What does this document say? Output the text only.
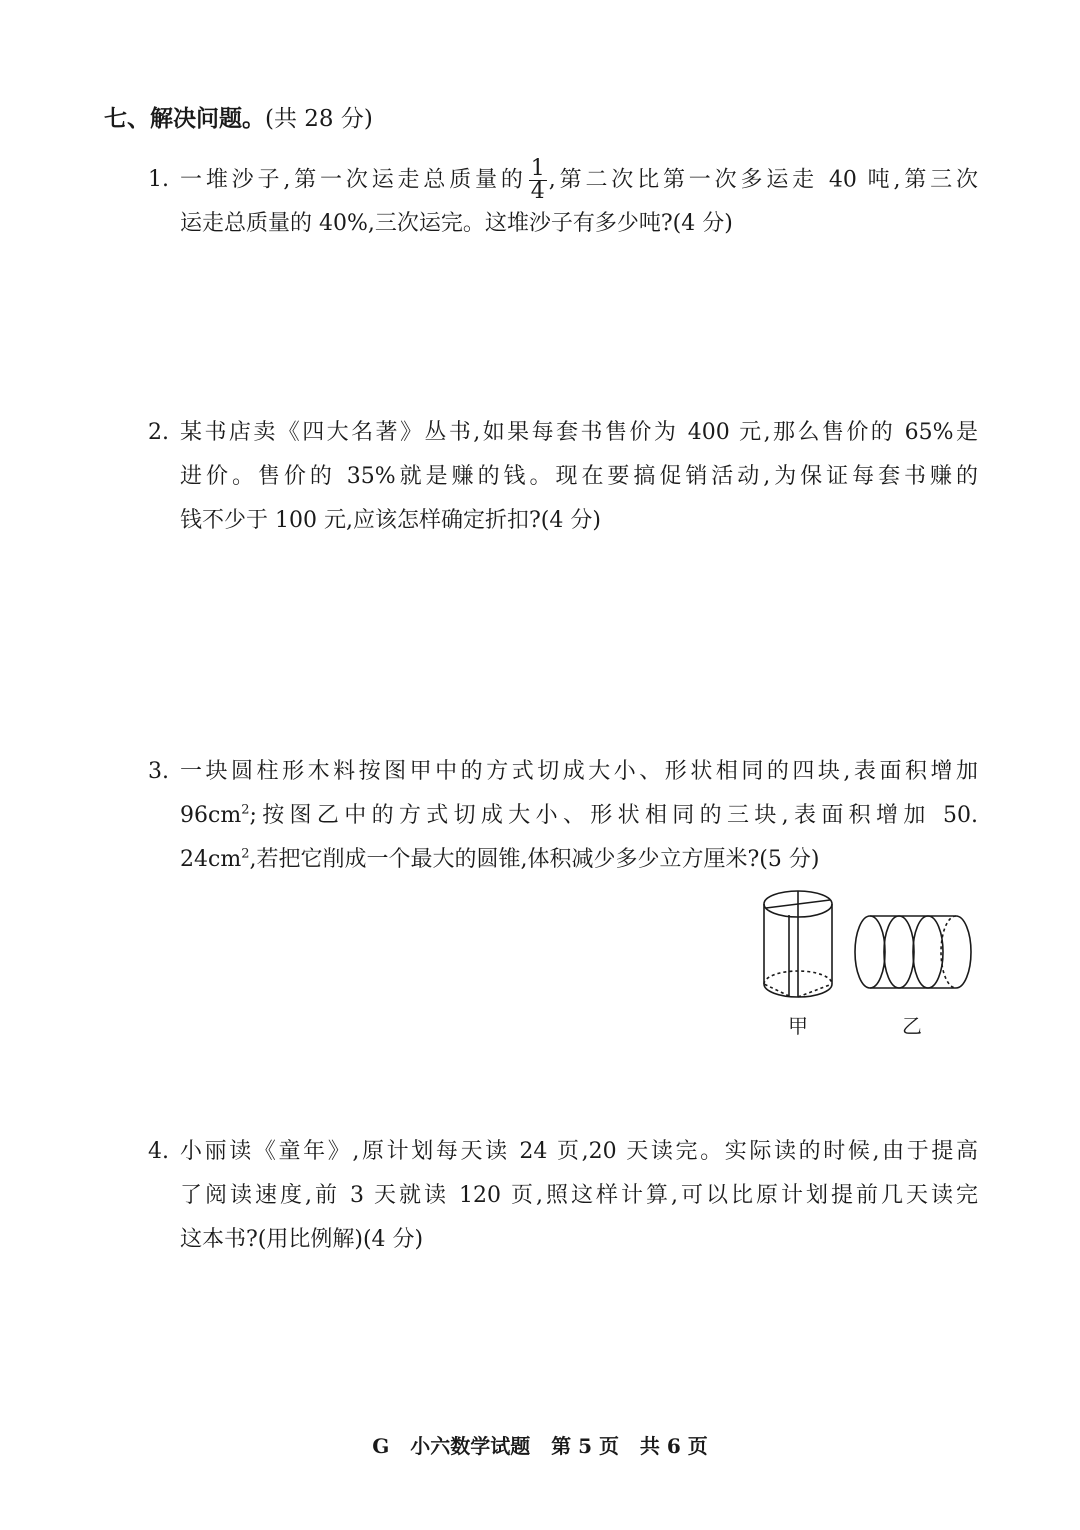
七、解决问题。(共 28 分)
1. 一堆沙子,第一次运走总质量的 $\frac{1}{4}$ ,第二次比第一次多运走 40 吨,第三次
运走总质量的 40%,三次运完。这堆沙子有多少吨?(4 分)
2. 某书店卖《四大名著》丛书,如果每套书售价为 400 元,那么售价的 65%是
进价。售价的 35%就是赚的钱。现在要搞促销活动,为保证每套书赚的
钱不少于 100 元,应该怎样确定折扣?(4 分)
3. 一块圆柱形木料按图甲中的方式切成大小、形状相同的四块,表面积增加
$96cm^2$;按图乙中的方式切成大小、形状相同的三块,表面积增加 50.
$24cm^2$,若把它削成一个最大的圆锥,体积减少多少立方厘米?(5 分)
甲	乙
4. 小丽读《童年》,原计划每天读 24 页,20 天读完。实际读的时候,由于提高
了阅读速度,前 3 天就读 120 页,照这样计算,可以比原计划提前几天读完
这本书?(用比例解)(4 分)
G   小六数学试题   第 5 页   共 6 页
